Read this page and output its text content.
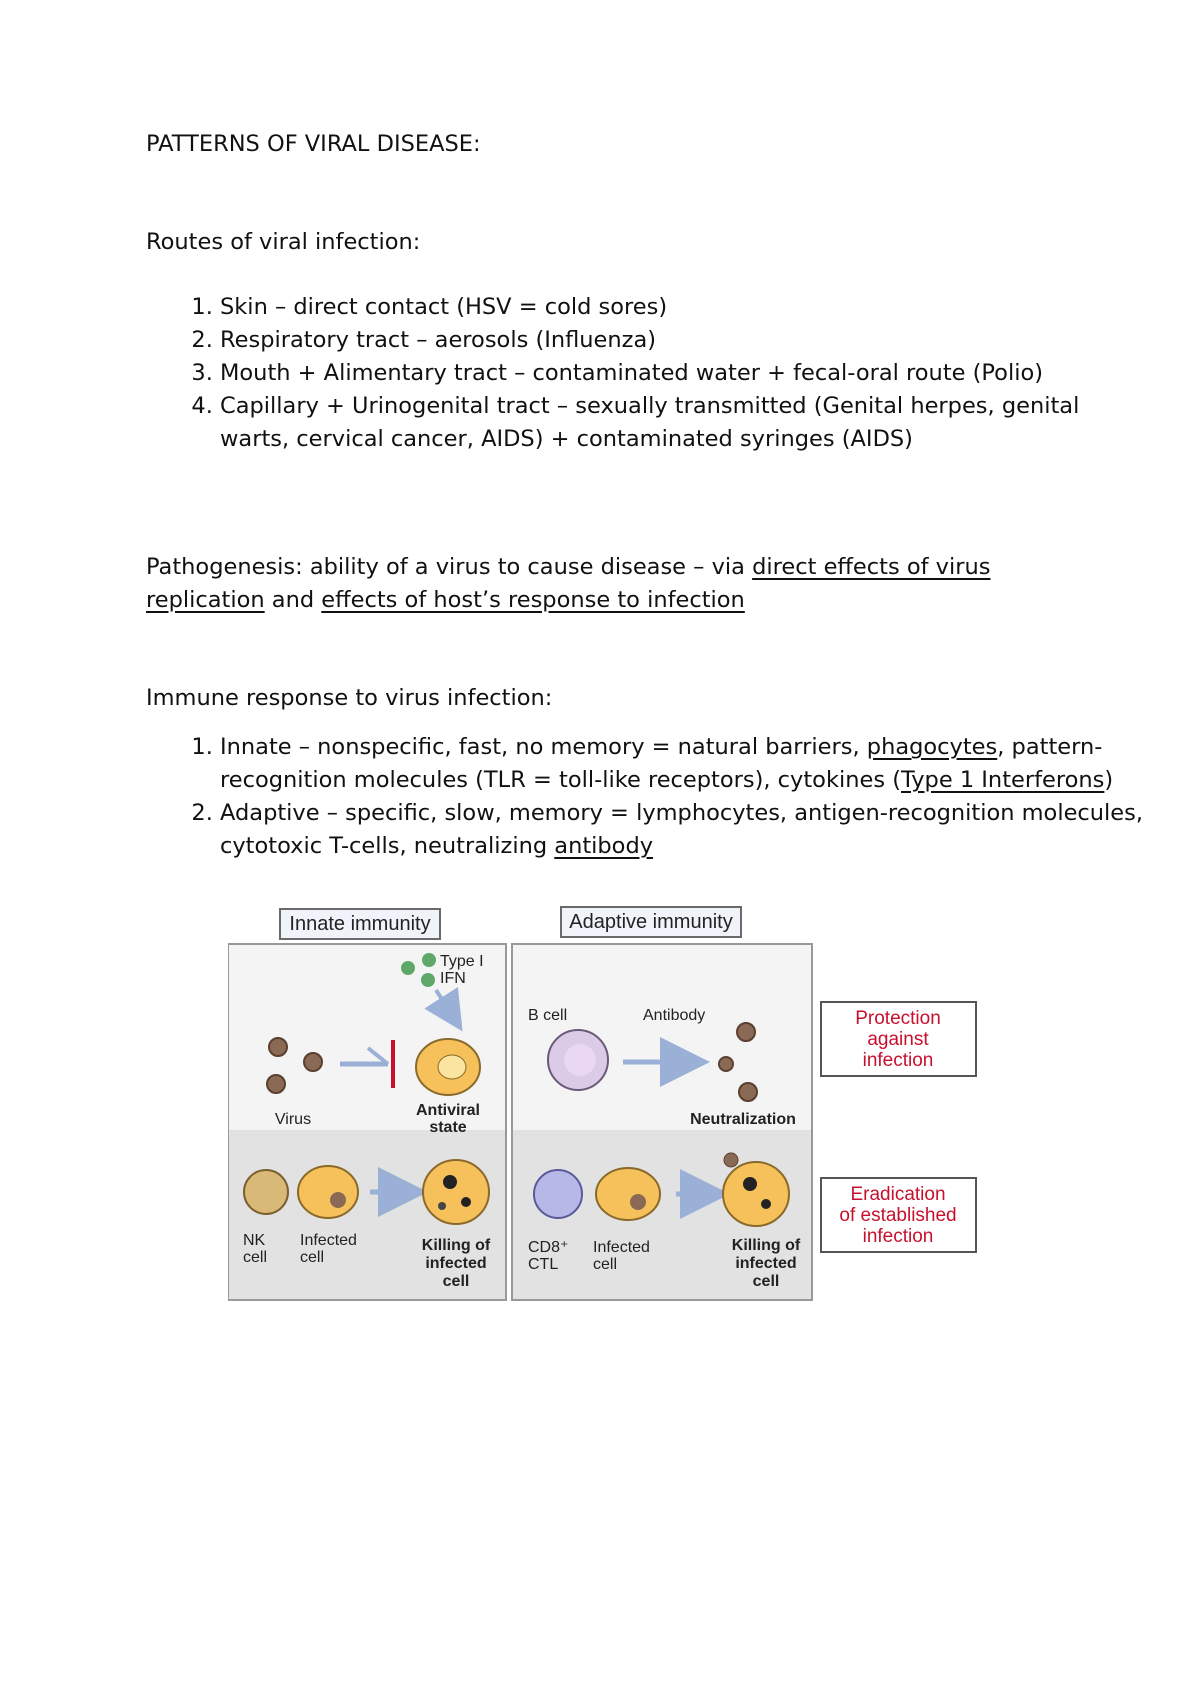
PATTERNS OF VIRAL DISEASE:

Routes of viral infection:

1. Skin – direct contact (HSV = cold sores)
2. Respiratory tract – aerosols (Influenza)
3. Mouth + Alimentary tract – contaminated water + fecal-oral route (Polio)
4. Capillary + Urinogenital tract – sexually transmitted (Genital herpes, genital warts, cervical cancer, AIDS) + contaminated syringes (AIDS)

Pathogenesis: ability of a virus to cause disease – via direct effects of virus replication and effects of host’s response to infection

Immune response to virus infection:

1. Innate – nonspecific, fast, no memory = natural barriers, phagocytes, pattern-recognition molecules (TLR = toll-like receptors), cytokines (Type 1 Interferons)
2. Adaptive – specific, slow, memory = lymphocytes, antigen-recognition molecules, cytotoxic T-cells, neutralizing antibody
Innate immunity	Adaptive immunity
Type I
IFN
Virus
Antiviral
state
B cell	Antibody
Neutralization
NK
cell
Infected
cell
Killing of
infected
cell
CD8⁺
CTL
Infected
cell
Killing of
infected
cell
Protection
against
infection
Eradication
of established
infection
